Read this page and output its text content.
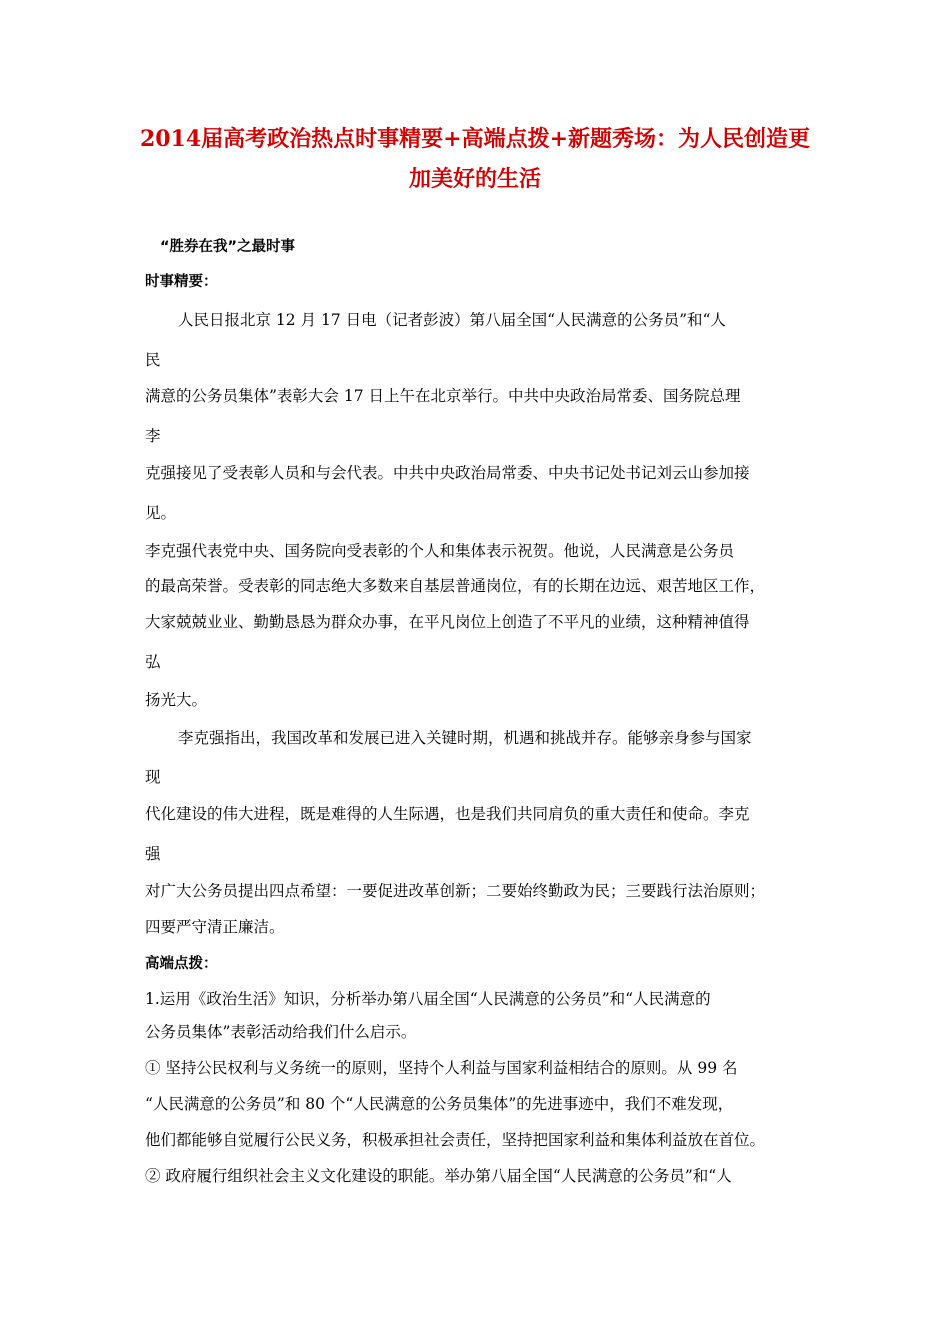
2014届高考政治热点时事精要+高端点拨+新题秀场：为人民创造更
加美好的生活
“胜券在我”之最时事
时事精要：
人民日报北京 12 月 17 日电（记者彭波）第八届全国“人民满意的公务员”和“人
民
满意的公务员集体”表彰大会 17 日上午在北京举行。中共中央政治局常委、国务院总理
李
克强接见了受表彰人员和与会代表。中共中央政治局常委、中央书记处书记刘云山参加接
见。
李克强代表党中央、国务院向受表彰的个人和集体表示祝贺。他说，人民满意是公务员
的最高荣誉。受表彰的同志绝大多数来自基层普通岗位，有的长期在边远、艰苦地区工作，
大家兢兢业业、勤勤恳恳为群众办事，在平凡岗位上创造了不平凡的业绩，这种精神值得
弘
扬光大。
李克强指出，我国改革和发展已进入关键时期，机遇和挑战并存。能够亲身参与国家
现
代化建设的伟大进程，既是难得的人生际遇，也是我们共同肩负的重大责任和使命。李克
强
对广大公务员提出四点希望：一要促进改革创新；二要始终勤政为民；三要践行法治原则；
四要严守清正廉洁。
高端点拨：
1.运用《政治生活》知识，分析举办第八届全国“人民满意的公务员”和“人民满意的
公务员集体”表彰活动给我们什么启示。
① 坚持公民权利与义务统一的原则，坚持个人利益与国家利益相结合的原则。从 99 名
“人民满意的公务员”和 80 个“人民满意的公务员集体”的先进事迹中，我们不难发现，
他们都能够自觉履行公民义务，积极承担社会责任，坚持把国家利益和集体利益放在首位。
② 政府履行组织社会主义文化建设的职能。举办第八届全国“人民满意的公务员”和“人
